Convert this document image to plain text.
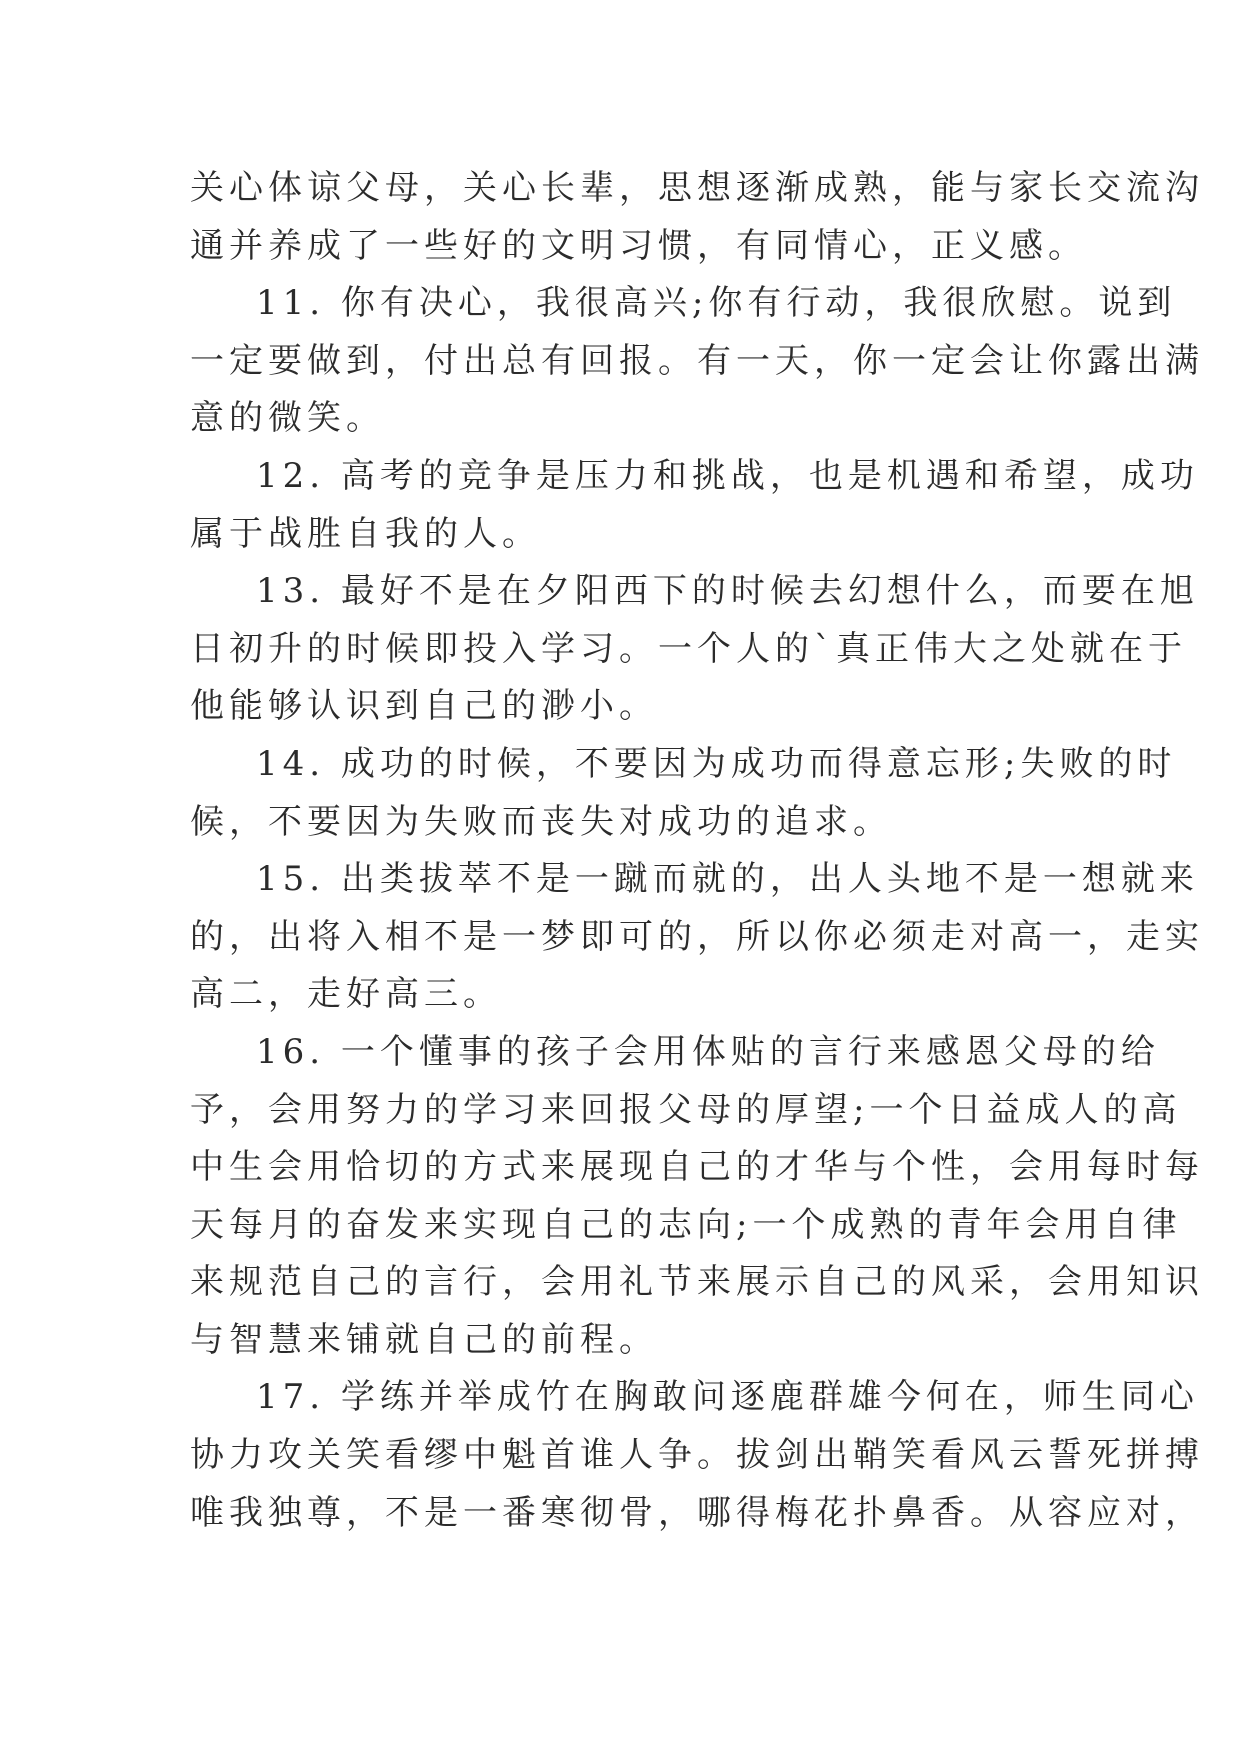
关心体谅父母，关心长辈，思想逐渐成熟，能与家长交流沟
通并养成了一些好的文明习惯，有同情心，正义感。
11. 你有决心，我很高兴;你有行动，我很欣慰。说到
一定要做到，付出总有回报。有一天，你一定会让你露出满
意的微笑。
12. 高考的竞争是压力和挑战，也是机遇和希望，成功
属于战胜自我的人。
13. 最好不是在夕阳西下的时候去幻想什么，而要在旭
日初升的时候即投入学习。一个人的`真正伟大之处就在于
他能够认识到自己的渺小。
14. 成功的时候，不要因为成功而得意忘形;失败的时
候，不要因为失败而丧失对成功的追求。
15. 出类拔萃不是一蹴而就的，出人头地不是一想就来
的，出将入相不是一梦即可的，所以你必须走对高一，走实
高二，走好高三。
16. 一个懂事的孩子会用体贴的言行来感恩父母的给
予，会用努力的学习来回报父母的厚望;一个日益成人的高
中生会用恰切的方式来展现自己的才华与个性，会用每时每
天每月的奋发来实现自己的志向;一个成熟的青年会用自律
来规范自己的言行，会用礼节来展示自己的风采，会用知识
与智慧来铺就自己的前程。
17. 学练并举成竹在胸敢问逐鹿群雄今何在，师生同心
协力攻关笑看缪中魁首谁人争。拔剑出鞘笑看风云誓死拼搏
唯我独尊，不是一番寒彻骨，哪得梅花扑鼻香。从容应对，
